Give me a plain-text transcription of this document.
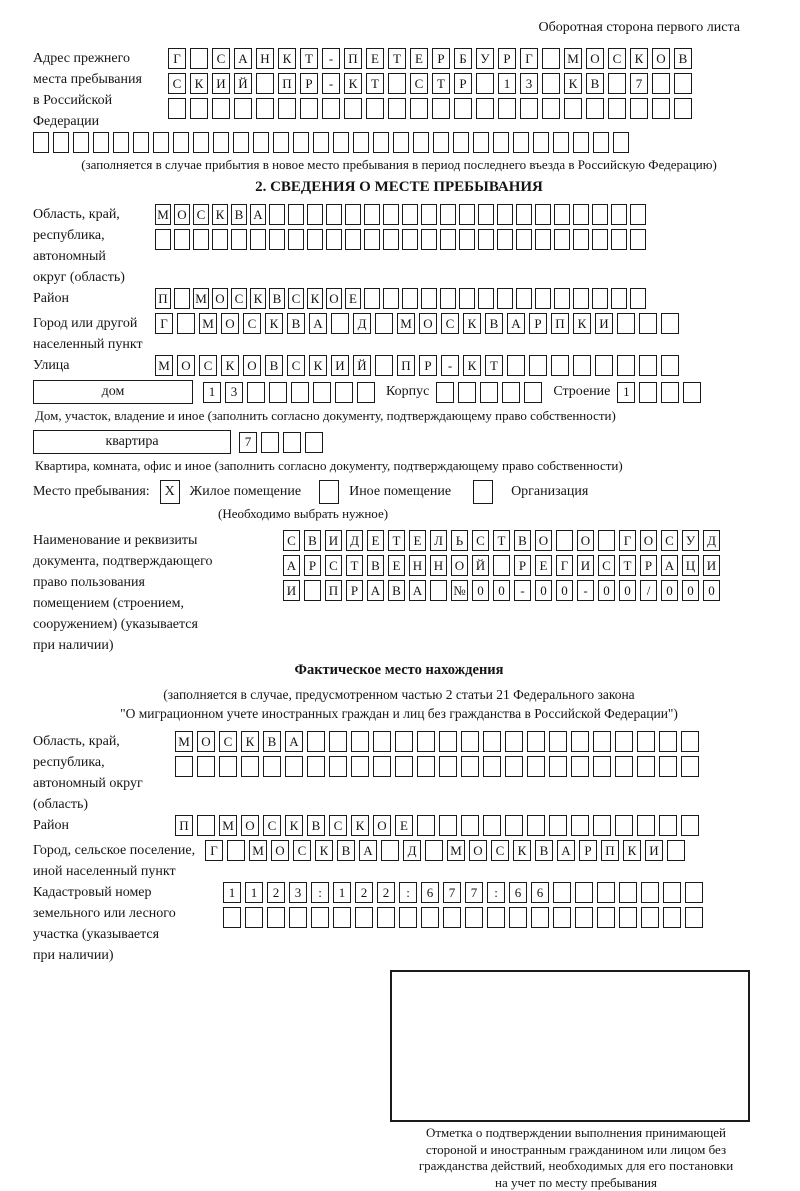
Оборотная сторона первого листа
Адрес прежнего
места пребывания
в Российской
Федерации
Г	С А Н К	Т	-	П	Е	Т	Е	Р	Б	У	Р	Г	М О С	К О В
С	К И Й	П	Р	-	К	Т	С	Т	Р	1	3	К	В	7
(заполняется в случае прибытия в новое место пребывания в период последнего въезда в Российскую Федерацию)
2. СВЕДЕНИЯ О МЕСТЕ ПРЕБЫВАНИЯ
Область, край,
республика,
автономный
округ (область)
М О С К В А
Район	П М О С К В С К О Е
Город или другой
населенный пункт
Г	М О С	К	В А	Д	М О С	К	В А	Р	П К И
Улица	М О С	К О В	С	К И Й	П	Р	-	К	Т
дом	1	3	Корпус	Строение 1
Дом, участок, владение и иное (заполнить согласно документу, подтверждающему право собственности)
квартира	7
Квартира, комната, офис и иное (заполнить согласно документу, подтверждающему право собственности)
Место пребывания:	X	Жилое помещение	Иное помещение	Организация
(Необходимо выбрать нужное)
Наименование и реквизиты
документа, подтверждающего
право пользования
помещением (строением,
сооружением) (указывается
при наличии)
С В И Д Е	Т	Е Л Ь С Т В О	О	Г О С У Д
А Р	С Т В Е Н Н О Й	Р	Е	Г И С Т	Р А Ц И
И	П Р А В А № 0	0	-	0	0	-	0	0	/	0	0	0
Фактическое место нахождения
(заполняется в случае, предусмотренном частью 2 статьи 21 Федерального закона
"О миграционном учете иностранных граждан и лиц без гражданства в Российской Федерации")
Область, край,
республика,
автономный округ
(область)
М О С	К	В А
Район	П	М О С	К	В	С	К О	Е
Город, сельское поселение,
иной населенный пункт
Г	М О С	К	В А	Д	М О С	К	В А	Р	П К И
Кадастровый номер
земельного или лесного
участка (указывается
при наличии)
1	1	2	3	:	1	2	2	:	6	7	7	:	6	6
Отметка о подтверждении выполнения принимающей
стороной и иностранным гражданином или лицом без
гражданства действий, необходимых для его постановки
на учет по месту пребывания
